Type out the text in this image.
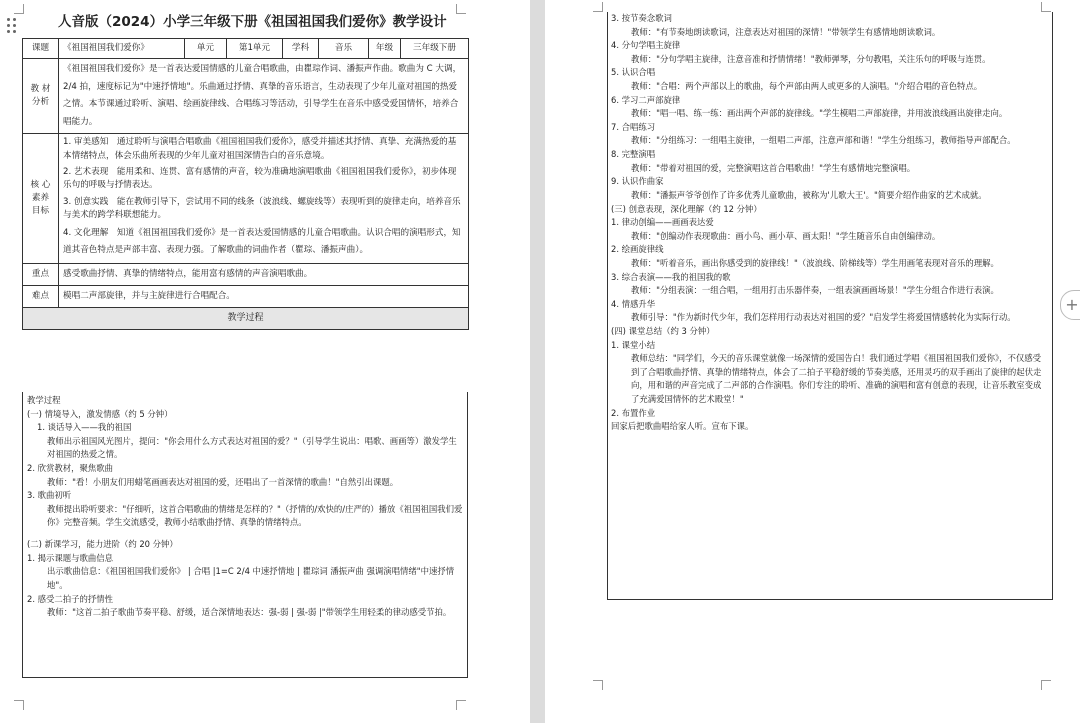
人音版（2024）小学三年级下册《祖国祖国我们爱你》教学设计
课题	《祖国祖国我们爱你》	单元	第1单元	学科	音乐	年级	三年级下册
教 材 分析	《祖国祖国我们爱你》是一首表达爱国情感的儿童合唱歌曲，由瞿琮作词、潘振声作曲。歌曲为 C 大调，2/4 拍，速度标记为"中速抒情地"。乐曲通过抒情、真挚的音乐语言，生动表现了少年儿童对祖国的热爱之情。本节课通过聆听、演唱、绘画旋律线、合唱练习等活动，引导学生在音乐中感受爱国情怀，培养合唱能力。						
核 心 素养 目标	1. 审美感知　通过聆听与演唱合唱歌曲《祖国祖国我们爱你》，感受并描述其抒情、真挚、充满热爱的基本情绪特点，体会乐曲所表现的少年儿童对祖国深情告白的音乐意境。
2. 艺术表现　能用柔和、连贯、富有感情的声音，较为准确地演唱歌曲《祖国祖国我们爱你》，初步体现乐句的呼吸与抒情表达。
3. 创意实践　能在教师引导下，尝试用不同的线条（波浪线、螺旋线等）表现听到的旋律走向，培养音乐与美术的跨学科联想能力。
4. 文化理解　知道《祖国祖国我们爱你》是一首表达爱国情感的儿童合唱歌曲。认识合唱的演唱形式，知道其音色特点是声部丰富、表现力强。了解歌曲的词曲作者（瞿琮、潘振声曲）。						

重点	感受歌曲抒情、真挚的情绪特点，能用富有感情的声音演唱歌曲。						
难点	模唱二声部旋律，并与主旋律进行合唱配合。						
教学过程							

教学过程

(一) 情境导入，激发情感（约 5 分钟）

1. 谈话导入——我的祖国

教师出示祖国风光图片，提问："你会用什么方式表达对祖国的爱？"（引导学生说出：唱歌、画画等）激发学生对祖国的热爱之情。

2. 欣赏教材，聚焦歌曲

教师："看！小朋友们用蜡笔画画表达对祖国的爱，还唱出了一首深情的歌曲！"自然引出课题。

3. 歌曲初听

教师提出聆听要求："仔细听，这首合唱歌曲的情绪是怎样的？"（抒情的/欢快的/庄严的）播放《祖国祖国我们爱你》完整音频。学生交流感受，教师小结歌曲抒情、真挚的情绪特点。

(二) 新课学习，能力进阶（约 20 分钟）

1. 揭示课题与歌曲信息

出示歌曲信息：《祖国祖国我们爱你》 | 合唱 |1=C 2/4 中速抒情地 | 瞿琮词 潘振声曲 强调演唱情绪"中速抒情地"。

2. 感受二拍子的抒情性

教师："这首二拍子歌曲节奏平稳、舒缓，适合深情地表达：强-弱 | 强-弱 |"带领学生用轻柔的律动感受节拍。

3. 按节奏念歌词

教师："有节奏地朗读歌词，注意表达对祖国的深情！"带领学生有感情地朗读歌词。

4. 分句学唱主旋律

教师："分句学唱主旋律，注意音准和抒情情绪！"教师弹琴，分句教唱，关注乐句的呼吸与连贯。

5. 认识合唱

教师："合唱：两个声部以上的歌曲，每个声部由两人或更多的人演唱。"介绍合唱的音色特点。

6. 学习二声部旋律

教师："唱一唱、练一练：画出两个声部的旋律线。"学生模唱二声部旋律，并用波浪线画出旋律走向。

7. 合唱练习

教师："分组练习：一组唱主旋律，一组唱二声部，注意声部和谐！"学生分组练习，教师指导声部配合。

8. 完整演唱

教师："带着对祖国的爱，完整演唱这首合唱歌曲！"学生有感情地完整演唱。

9. 认识作曲家

教师："潘振声爷爷创作了许多优秀儿童歌曲，被称为'儿歌大王'。"简要介绍作曲家的艺术成就。

(三) 创意表现，深化理解（约 12 分钟）

1. 律动创编——画画表达爱

教师："创编动作表现歌曲：画小鸟、画小草、画太阳！"学生随音乐自由创编律动。

2. 绘画旋律线

教师："听着音乐，画出你感受到的旋律线！"（波浪线、阶梯线等）学生用画笔表现对音乐的理解。

3. 综合表演——我的祖国我的歌

教师："分组表演：一组合唱，一组用打击乐器伴奏，一组表演画画场景！"学生分组合作进行表演。

4. 情感升华

教师引导："作为新时代少年，我们怎样用行动表达对祖国的爱？"启发学生将爱国情感转化为实际行动。

(四) 课堂总结（约 3 分钟）

1. 课堂小结

教师总结："同学们，今天的音乐课堂就像一场深情的爱国告白！我们通过学唱《祖国祖国我们爱你》，不仅感受到了合唱歌曲抒情、真挚的情绪特点，体会了二拍子平稳舒缓的节奏美感，还用灵巧的双手画出了旋律的起伏走向，用和谐的声音完成了二声部的合作演唱。你们专注的聆听、准确的演唱和富有创意的表现，让音乐教室变成了充满爱国情怀的艺术殿堂！"

2. 布置作业

回家后把歌曲唱给家人听。宣布下课。

+
